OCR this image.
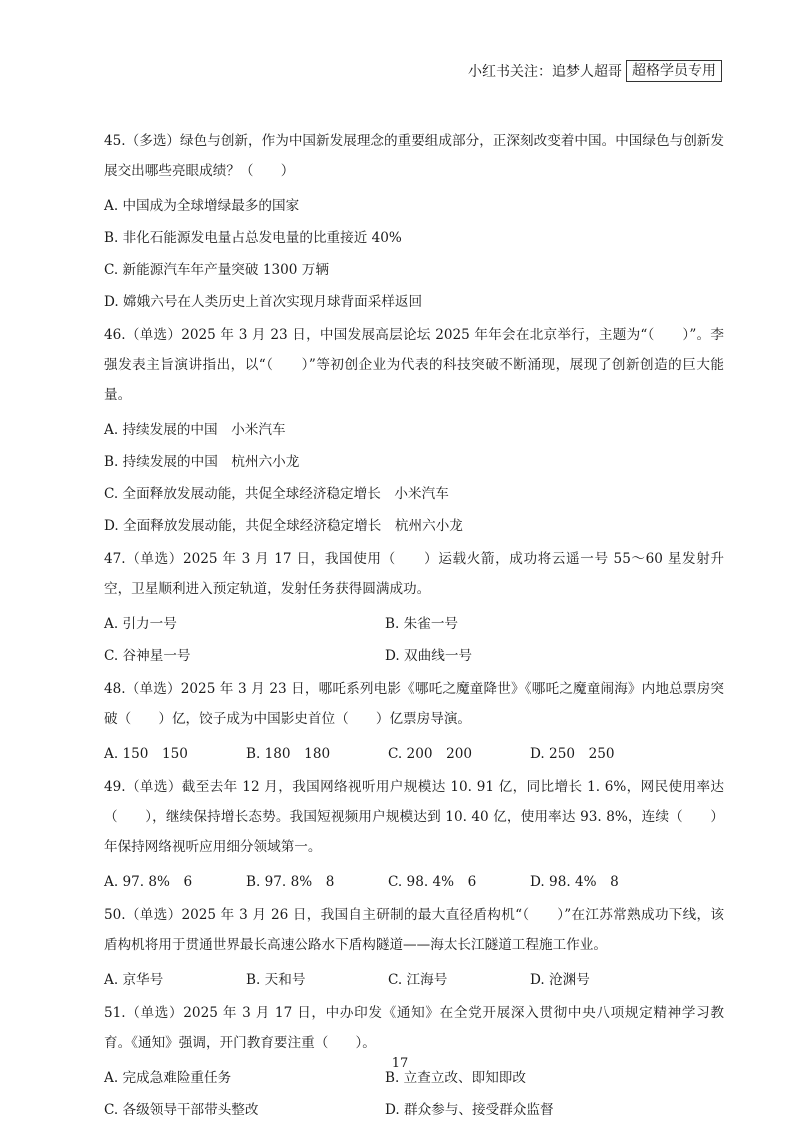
小红书关注：追梦人超哥 超格学员专用

45.（多选）绿色与创新，作为中国新发展理念的重要组成部分，正深刻改变着中国。中国绿色与创新发展交出哪些亮眼成绩？（　　）

A. 中国成为全球增绿最多的国家

B. 非化石能源发电量占总发电量的比重接近 40%

C. 新能源汽车年产量突破 1300 万辆

D. 嫦娥六号在人类历史上首次实现月球背面采样返回

46.（单选）2025 年 3 月 23 日，中国发展高层论坛 2025 年年会在北京举行，主题为“（　　）”。李强发表主旨演讲指出，以“（　　）”等初创企业为代表的科技突破不断涌现，展现了创新创造的巨大能量。

A. 持续发展的中国　小米汽车

B. 持续发展的中国　杭州六小龙

C. 全面释放发展动能，共促全球经济稳定增长　小米汽车

D. 全面释放发展动能，共促全球经济稳定增长　杭州六小龙

47.（单选）2025 年 3 月 17 日，我国使用（　　）运载火箭，成功将云遥一号 55～60 星发射升空，卫星顺利进入预定轨道，发射任务获得圆满成功。

A. 引力一号	B. 朱雀一号
C. 谷神星一号	D. 双曲线一号

48.（单选）2025 年 3 月 23 日，哪吒系列电影《哪吒之魔童降世》《哪吒之魔童闹海》内地总票房突破（　　）亿，饺子成为中国影史首位（　　）亿票房导演。

A. 150　150	B. 180　180	C. 200　200	D. 250　250

49.（单选）截至去年 12 月，我国网络视听用户规模达 10. 91 亿，同比增长 1. 6%，网民使用率达（　　），继续保持增长态势。我国短视频用户规模达到 10. 40 亿，使用率达 93. 8%，连续（　　）年保持网络视听应用细分领域第一。

A. 97. 8%　6	B. 97. 8%　8	C. 98. 4%　6	D. 98. 4%　8

50.（单选）2025 年 3 月 26 日，我国自主研制的最大直径盾构机“（　　）”在江苏常熟成功下线，该盾构机将用于贯通世界最长高速公路水下盾构隧道——海太长江隧道工程施工作业。

A. 京华号	B. 天和号	C. 江海号	D. 沧渊号

51.（单选）2025 年 3 月 17 日，中办印发《通知》在全党开展深入贯彻中央八项规定精神学习教育。《通知》强调，开门教育要注重（　　）。

A. 完成急难险重任务	B. 立查立改、即知即改
C. 各级领导干部带头整改	D. 群众参与、接受群众监督
17
